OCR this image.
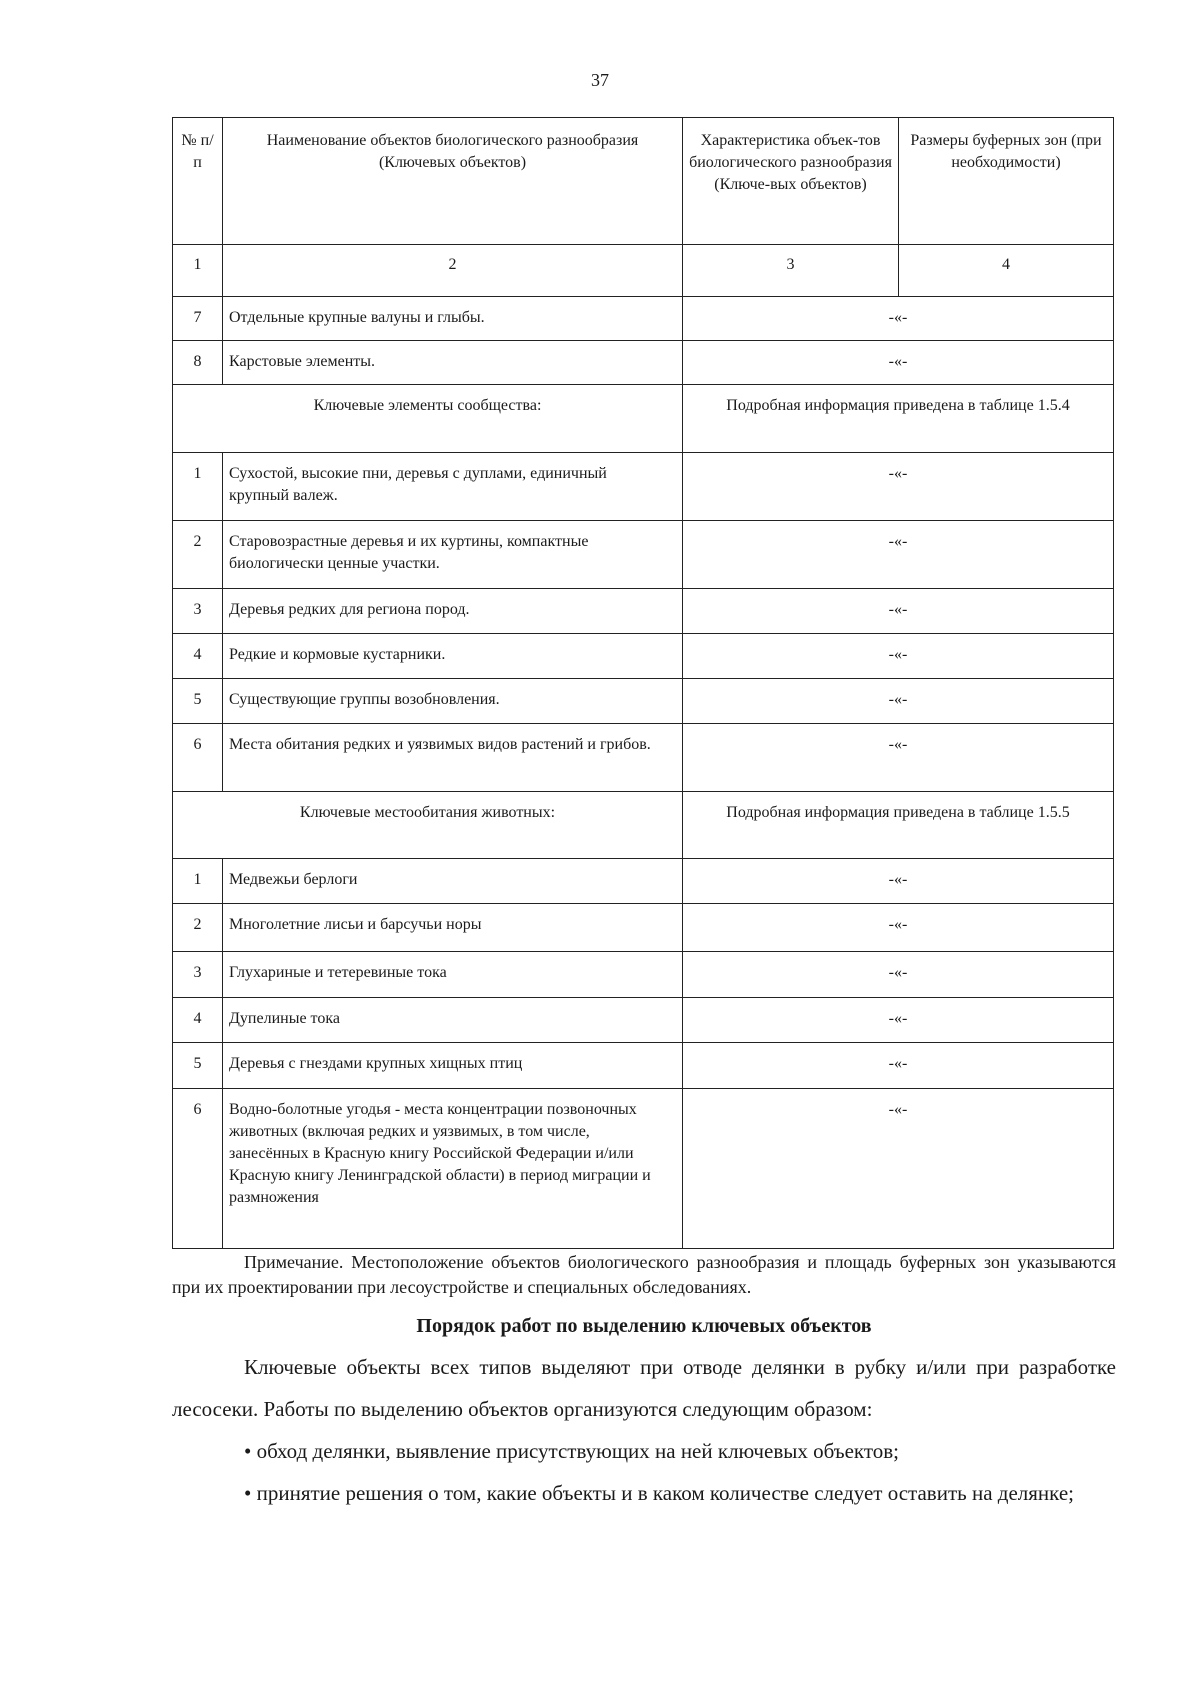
37
№ п/п	Наименование объектов биологического разнообразия (Ключевых объектов)	Характеристика объек-тов биологического разнообразия (Ключе-вых объектов)	Размеры буферных зон (при необходимости)
1	2	3	4
7	Отдельные крупные валуны и глыбы.	-«-	
8	Карстовые элементы.	-«-	
Ключевые элементы сообщества:		Подробная информация приведена в таблице 1.5.4	
1	Сухостой, высокие пни, деревья с дуплами, единичный крупный валеж.	-«-	
2	Старовозрастные деревья и их куртины, компактные биологически ценные участки.	-«-	
3	Деревья редких для региона пород.	-«-	
4	Редкие и кормовые кустарники.	-«-	
5	Существующие группы возобновления.	-«-	
6	Места обитания редких и уязвимых видов растений и грибов.	-«-	
Ключевые местообитания животных:		Подробная информация приведена в таблице 1.5.5	
1	Медвежьи берлоги	-«-	
2	Многолетние лисьи и барсучьи норы	-«-	
3	Глухариные и тетеревиные тока	-«-	
4	Дупелиные тока	-«-	
5	Деревья с гнездами крупных хищных птиц	-«-	
6	Водно-болотные угодья - места концентрации позвоночных животных (включая редких и уязвимых, в том числе, занесённых в Красную книгу Российской Федерации и/или Красную книгу Ленинградской области) в период миграции и размножения	-«-	
Примечание. Местоположение объектов биологического разнообразия и площадь буферных зон указываются при их проектировании при лесоустройстве и специальных обследованиях.
Порядок работ по выделению ключевых объектов

Ключевые объекты всех типов выделяют при отводе делянки в рубку и/или при разработке лесосеки. Работы по выделению объектов организуются следующим образом:

• обход делянки, выявление присутствующих на ней ключевых объектов;

• принятие решения о том, какие объекты и в каком количестве следует оставить на делянке;
